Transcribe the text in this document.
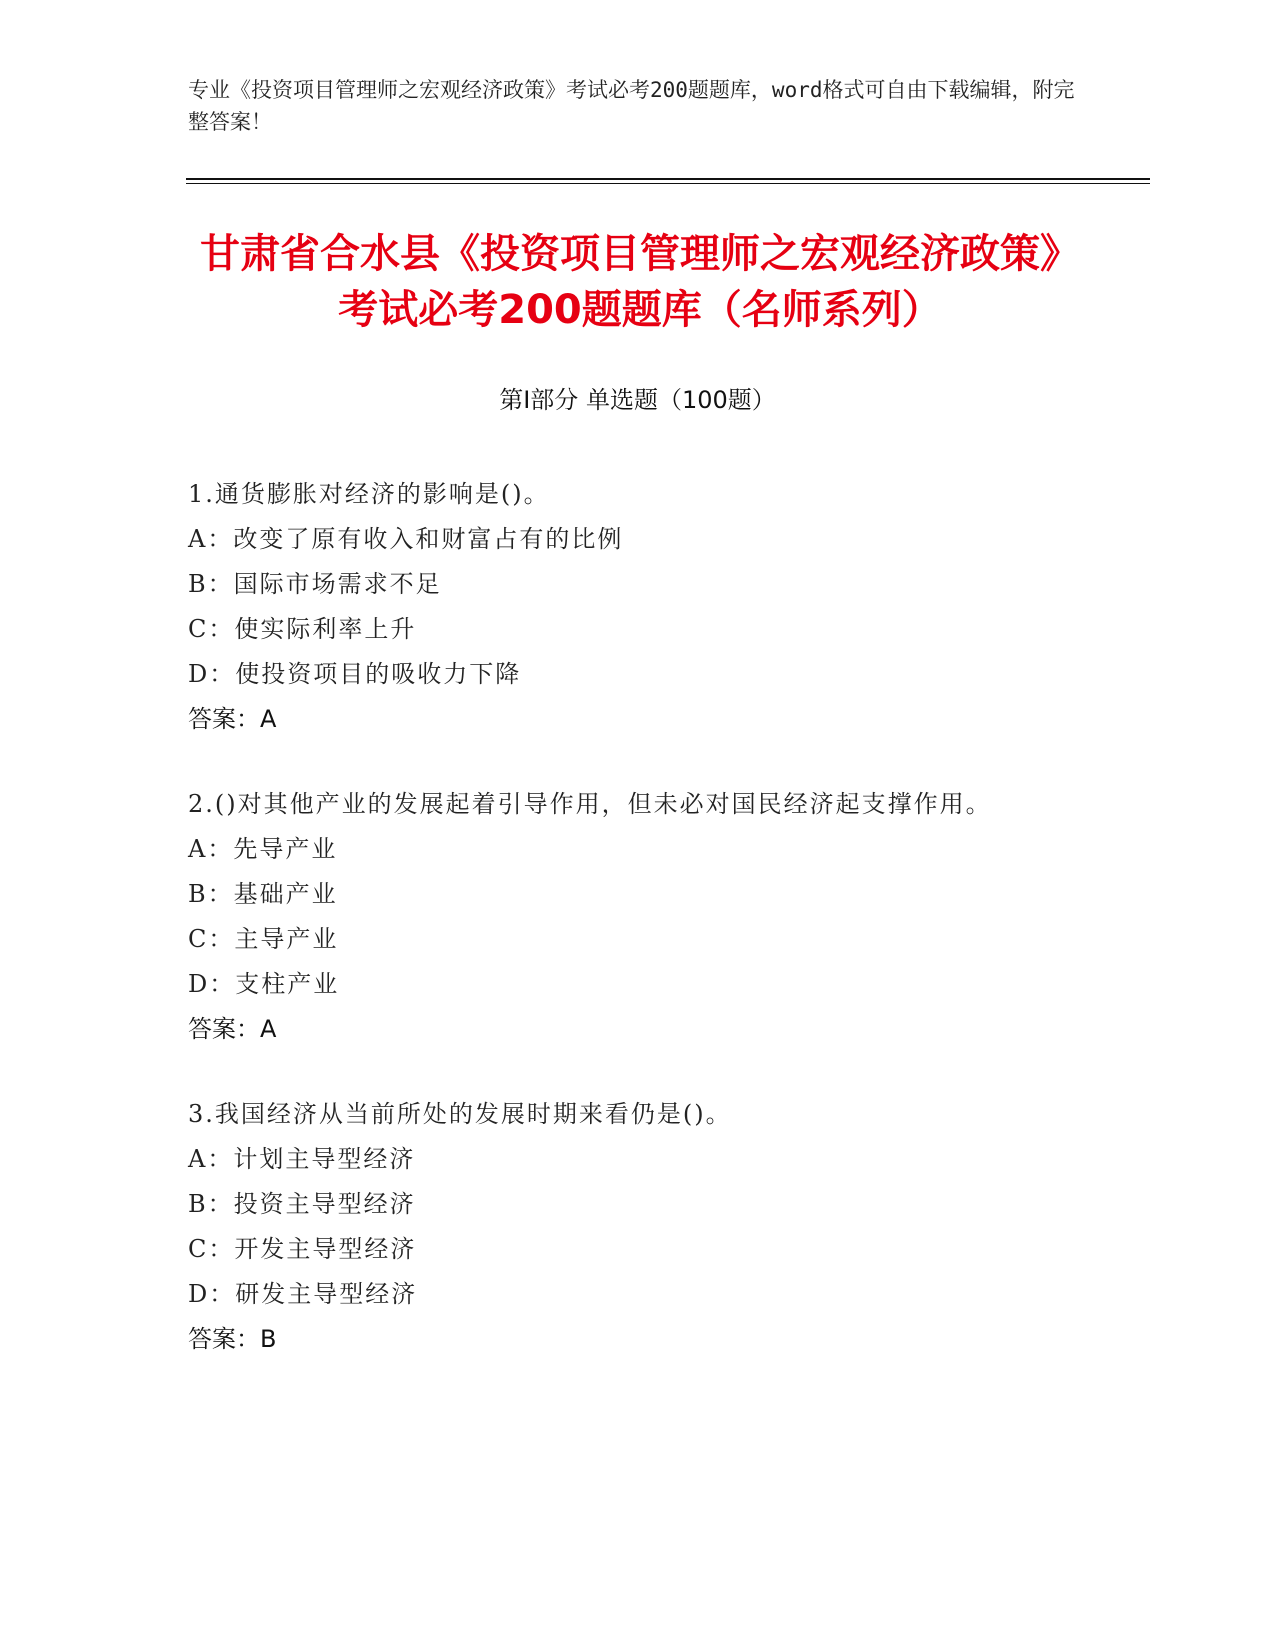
专业《投资项目管理师之宏观经济政策》考试必考200题题库，word格式可自由下载编辑，附完整答案！
甘肃省合水县《投资项目管理师之宏观经济政策》考试必考200题题库（名师系列）
第Ⅰ部分 单选题（100题）
1.通货膨胀对经济的影响是()。
A：改变了原有收入和财富占有的比例
B：国际市场需求不足
C：使实际利率上升
D：使投资项目的吸收力下降
答案：A
2.()对其他产业的发展起着引导作用，但未必对国民经济起支撑作用。
A：先导产业
B：基础产业
C：主导产业
D：支柱产业
答案：A
3.我国经济从当前所处的发展时期来看仍是()。
A：计划主导型经济
B：投资主导型经济
C：开发主导型经济
D：研发主导型经济
答案：B
